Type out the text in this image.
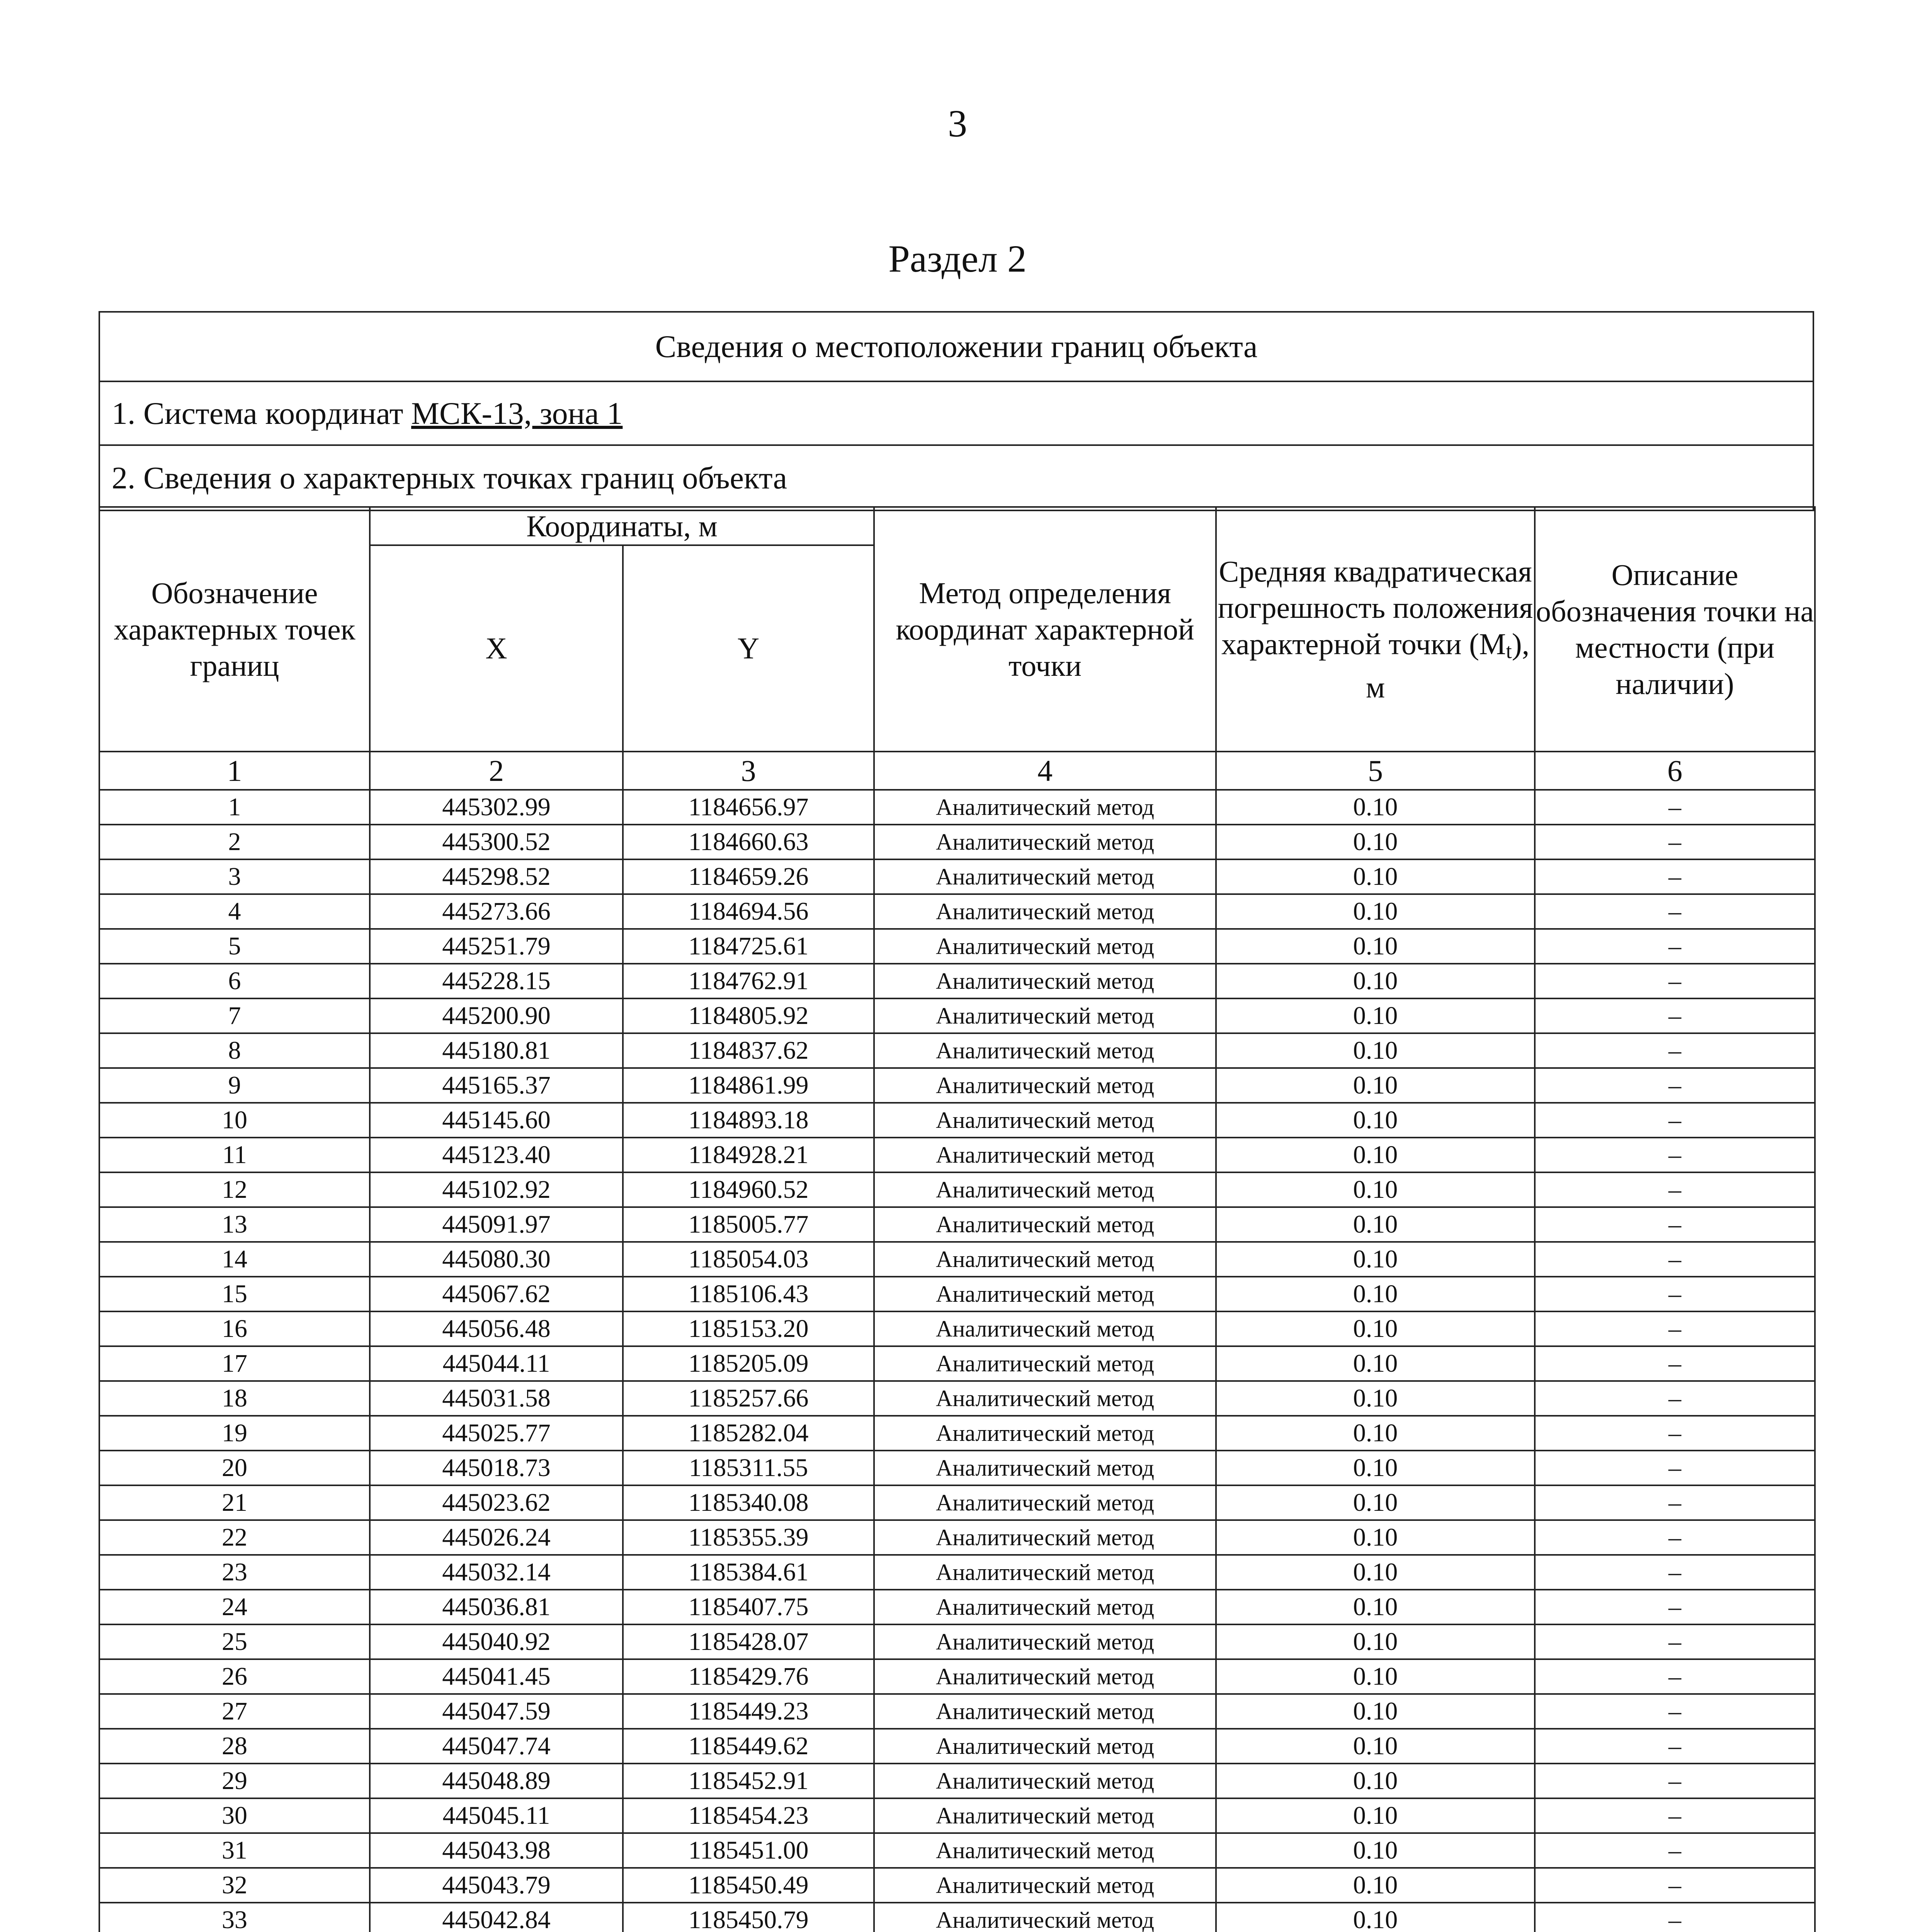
3
Раздел 2
Сведения о местоположении границ объекта
1. Система координат МСК-13, зона 1
2. Сведения о характерных точках границ объекта
Обозначение характерных точек границ	Координаты, м		Метод определения координат характерной точки	Средняя квадратическая погрешность положения характерной точки (Mt), м	Описание обозначения точки на местности (при наличии)
	X	Y			
1	2	3	4	5	6
1	445302.99	1184656.97	Аналитический метод	0.10	–
2	445300.52	1184660.63	Аналитический метод	0.10	–
3	445298.52	1184659.26	Аналитический метод	0.10	–
4	445273.66	1184694.56	Аналитический метод	0.10	–
5	445251.79	1184725.61	Аналитический метод	0.10	–
6	445228.15	1184762.91	Аналитический метод	0.10	–
7	445200.90	1184805.92	Аналитический метод	0.10	–
8	445180.81	1184837.62	Аналитический метод	0.10	–
9	445165.37	1184861.99	Аналитический метод	0.10	–
10	445145.60	1184893.18	Аналитический метод	0.10	–
11	445123.40	1184928.21	Аналитический метод	0.10	–
12	445102.92	1184960.52	Аналитический метод	0.10	–
13	445091.97	1185005.77	Аналитический метод	0.10	–
14	445080.30	1185054.03	Аналитический метод	0.10	–
15	445067.62	1185106.43	Аналитический метод	0.10	–
16	445056.48	1185153.20	Аналитический метод	0.10	–
17	445044.11	1185205.09	Аналитический метод	0.10	–
18	445031.58	1185257.66	Аналитический метод	0.10	–
19	445025.77	1185282.04	Аналитический метод	0.10	–
20	445018.73	1185311.55	Аналитический метод	0.10	–
21	445023.62	1185340.08	Аналитический метод	0.10	–
22	445026.24	1185355.39	Аналитический метод	0.10	–
23	445032.14	1185384.61	Аналитический метод	0.10	–
24	445036.81	1185407.75	Аналитический метод	0.10	–
25	445040.92	1185428.07	Аналитический метод	0.10	–
26	445041.45	1185429.76	Аналитический метод	0.10	–
27	445047.59	1185449.23	Аналитический метод	0.10	–
28	445047.74	1185449.62	Аналитический метод	0.10	–
29	445048.89	1185452.91	Аналитический метод	0.10	–
30	445045.11	1185454.23	Аналитический метод	0.10	–
31	445043.98	1185451.00	Аналитический метод	0.10	–
32	445043.79	1185450.49	Аналитический метод	0.10	–
33	445042.84	1185450.79	Аналитический метод	0.10	–
